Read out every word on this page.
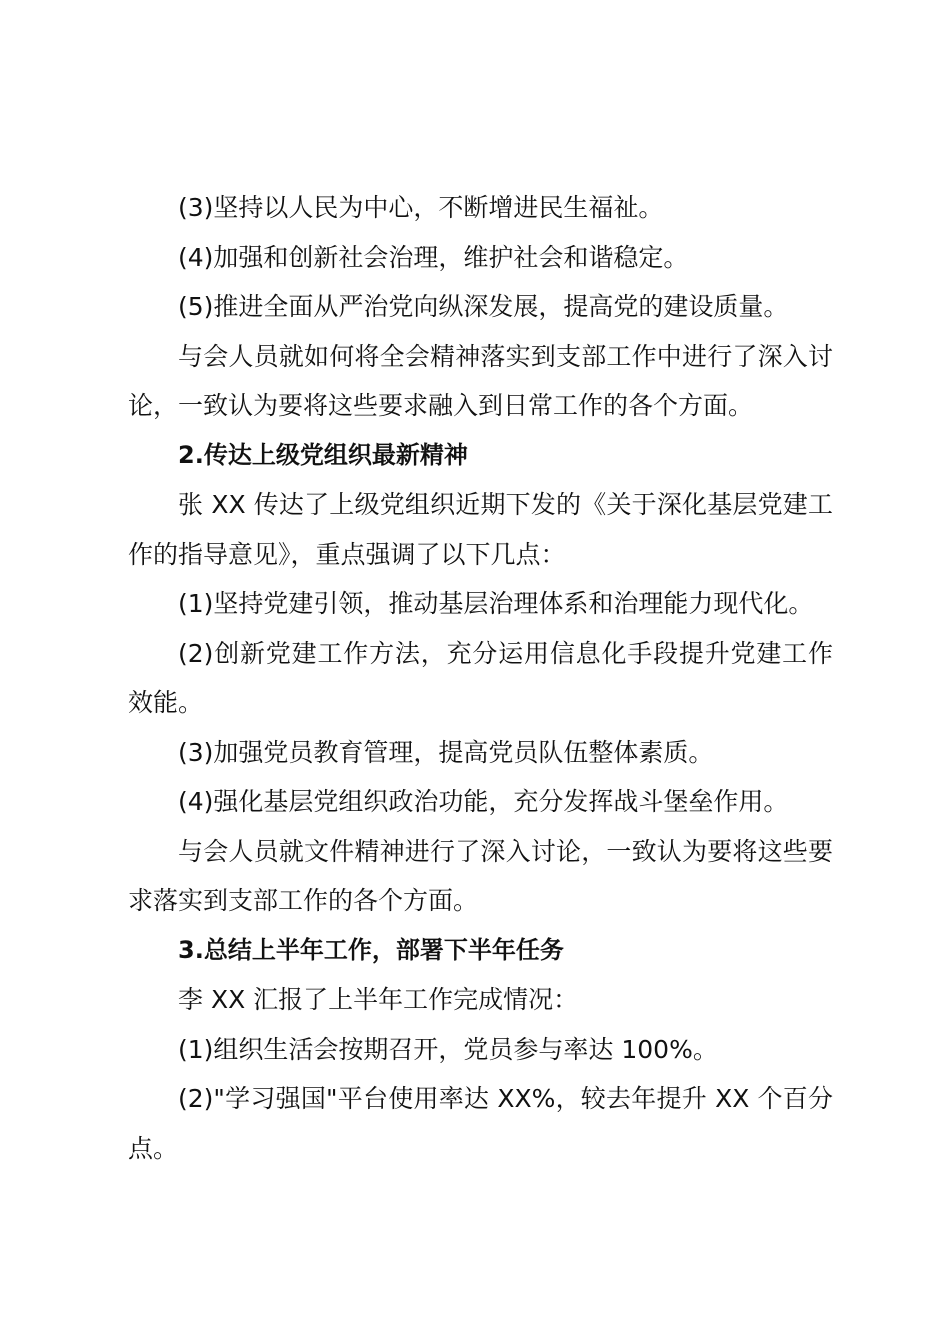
(3)坚持以人民为中心，不断增进民生福祉。

(4)加强和创新社会治理，维护社会和谐稳定。

(5)推进全面从严治党向纵深发展，提高党的建设质量。

与会人员就如何将全会精神落实到支部工作中进行了深入讨论，一致认为要将这些要求融入到日常工作的各个方面。

2.传达上级党组织最新精神

张 XX 传达了上级党组织近期下发的《关于深化基层党建工作的指导意见》，重点强调了以下几点：

(1)坚持党建引领，推动基层治理体系和治理能力现代化。

(2)创新党建工作方法，充分运用信息化手段提升党建工作效能。

(3)加强党员教育管理，提高党员队伍整体素质。

(4)强化基层党组织政治功能，充分发挥战斗堡垒作用。

与会人员就文件精神进行了深入讨论，一致认为要将这些要求落实到支部工作的各个方面。

3.总结上半年工作，部署下半年任务

李 XX 汇报了上半年工作完成情况：

(1)组织生活会按期召开，党员参与率达 100%。

(2)"学习强国"平台使用率达 XX%，较去年提升 XX 个百分点。
